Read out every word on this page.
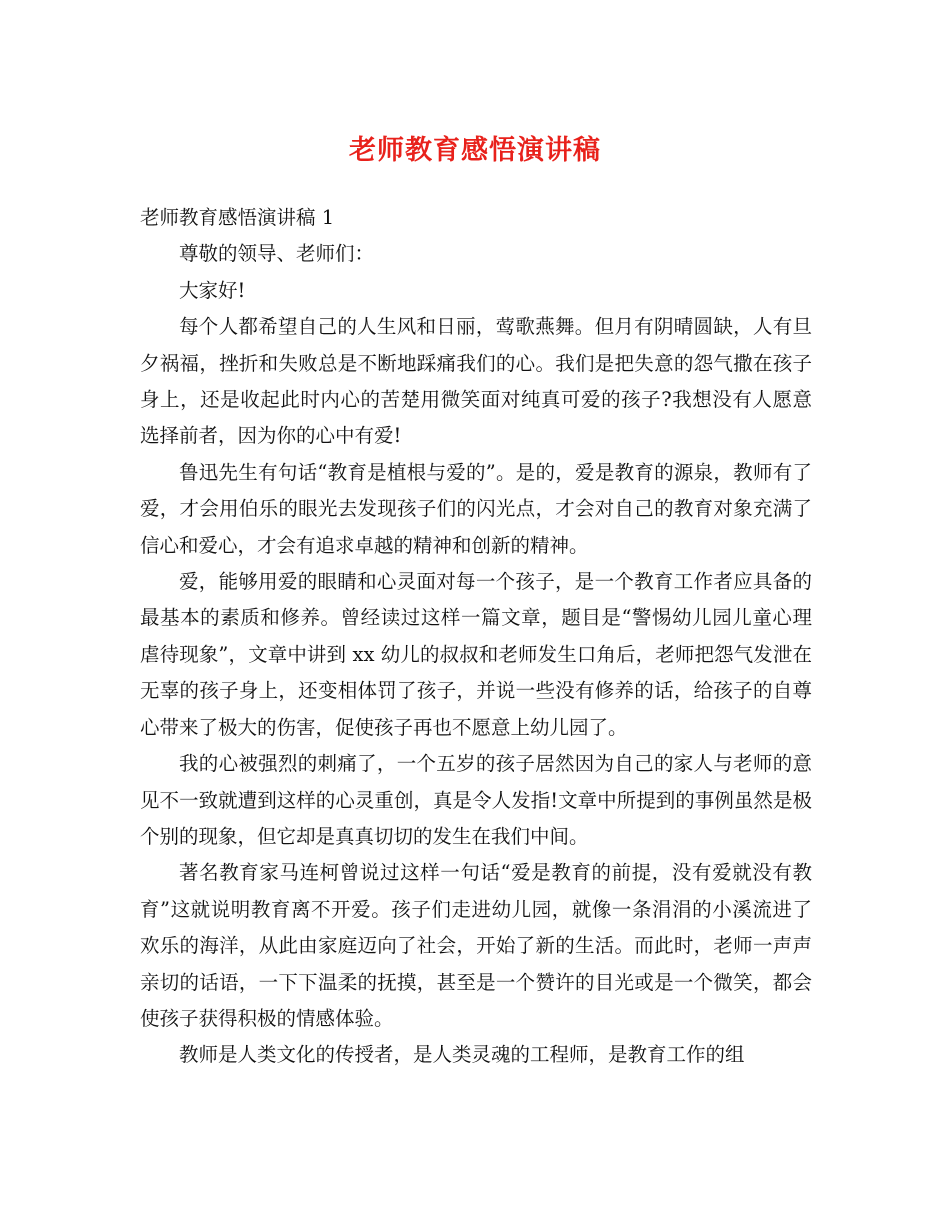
老师教育感悟演讲稿

老师教育感悟演讲稿 1

尊敬的领导、老师们：

大家好!

每个人都希望自己的人生风和日丽，莺歌燕舞。但月有阴晴圆缺，人有旦夕祸福，挫折和失败总是不断地踩痛我们的心。我们是把失意的怨气撒在孩子身上，还是收起此时内心的苦楚用微笑面对纯真可爱的孩子?我想没有人愿意选择前者，因为你的心中有爱!

鲁迅先生有句话“教育是植根与爱的”。是的，爱是教育的源泉，教师有了爱，才会用伯乐的眼光去发现孩子们的闪光点，才会对自己的教育对象充满了信心和爱心，才会有追求卓越的精神和创新的精神。

爱，能够用爱的眼睛和心灵面对每一个孩子，是一个教育工作者应具备的最基本的素质和修养。曾经读过这样一篇文章，题目是“警惕幼儿园儿童心理虐待现象”，文章中讲到 xx 幼儿的叔叔和老师发生口角后，老师把怨气发泄在无辜的孩子身上，还变相体罚了孩子，并说一些没有修养的话，给孩子的自尊心带来了极大的伤害，促使孩子再也不愿意上幼儿园了。

我的心被强烈的刺痛了，一个五岁的孩子居然因为自己的家人与老师的意见不一致就遭到这样的心灵重创，真是令人发指!文章中所提到的事例虽然是极个别的现象，但它却是真真切切的发生在我们中间。

著名教育家马连柯曾说过这样一句话“爱是教育的前提，没有爱就没有教育”这就说明教育离不开爱。孩子们走进幼儿园，就像一条涓涓的小溪流进了欢乐的海洋，从此由家庭迈向了社会，开始了新的生活。而此时，老师一声声亲切的话语，一下下温柔的抚摸，甚至是一个赞许的目光或是一个微笑，都会使孩子获得积极的情感体验。

教师是人类文化的传授者，是人类灵魂的工程师，是教育工作的组
